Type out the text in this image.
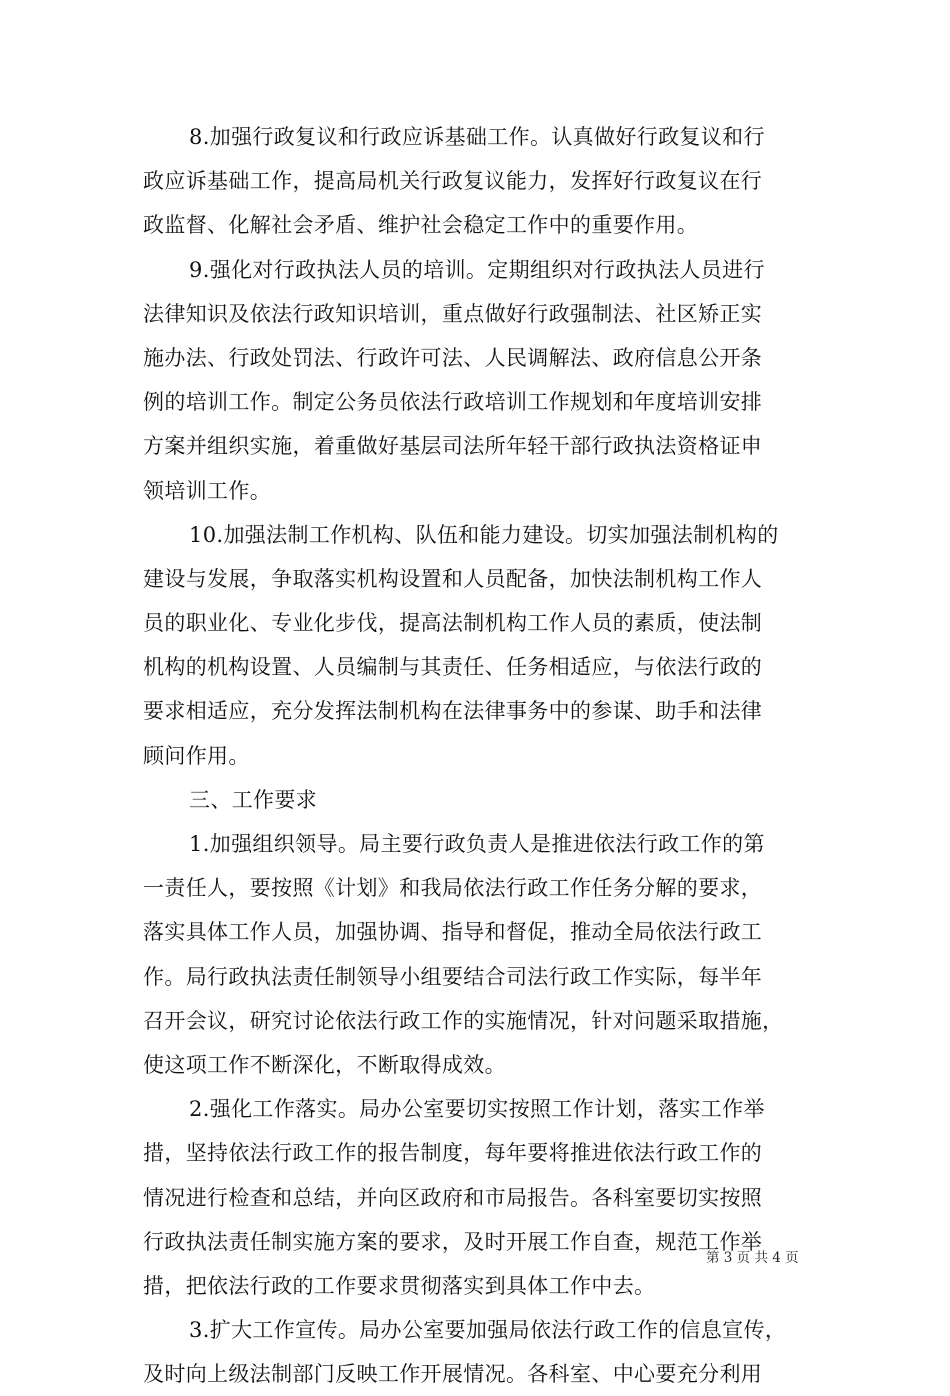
8.加强行政复议和行政应诉基础工作。认真做好行政复议和行
政应诉基础工作，提高局机关行政复议能力，发挥好行政复议在行
政监督、化解社会矛盾、维护社会稳定工作中的重要作用。
9.强化对行政执法人员的培训。定期组织对行政执法人员进行
法律知识及依法行政知识培训，重点做好行政强制法、社区矫正实
施办法、行政处罚法、行政许可法、人民调解法、政府信息公开条
例的培训工作。制定公务员依法行政培训工作规划和年度培训安排
方案并组织实施，着重做好基层司法所年轻干部行政执法资格证申
领培训工作。
10.加强法制工作机构、队伍和能力建设。切实加强法制机构的
建设与发展，争取落实机构设置和人员配备，加快法制机构工作人
员的职业化、专业化步伐，提高法制机构工作人员的素质，使法制
机构的机构设置、人员编制与其责任、任务相适应，与依法行政的
要求相适应，充分发挥法制机构在法律事务中的参谋、助手和法律
顾问作用。
三、工作要求
1.加强组织领导。局主要行政负责人是推进依法行政工作的第
一责任人，要按照《计划》和我局依法行政工作任务分解的要求，
落实具体工作人员，加强协调、指导和督促，推动全局依法行政工
作。局行政执法责任制领导小组要结合司法行政工作实际，每半年
召开会议，研究讨论依法行政工作的实施情况，针对问题采取措施，
使这项工作不断深化，不断取得成效。
2.强化工作落实。局办公室要切实按照工作计划，落实工作举
措，坚持依法行政工作的报告制度，每年要将推进依法行政工作的
情况进行检查和总结，并向区政府和市局报告。各科室要切实按照
行政执法责任制实施方案的要求，及时开展工作自查，规范工作举
措，把依法行政的工作要求贯彻落实到具体工作中去。
3.扩大工作宣传。局办公室要加强局依法行政工作的信息宣传，
及时向上级法制部门反映工作开展情况。各科室、中心要充分利用
第 3 页 共 4 页
